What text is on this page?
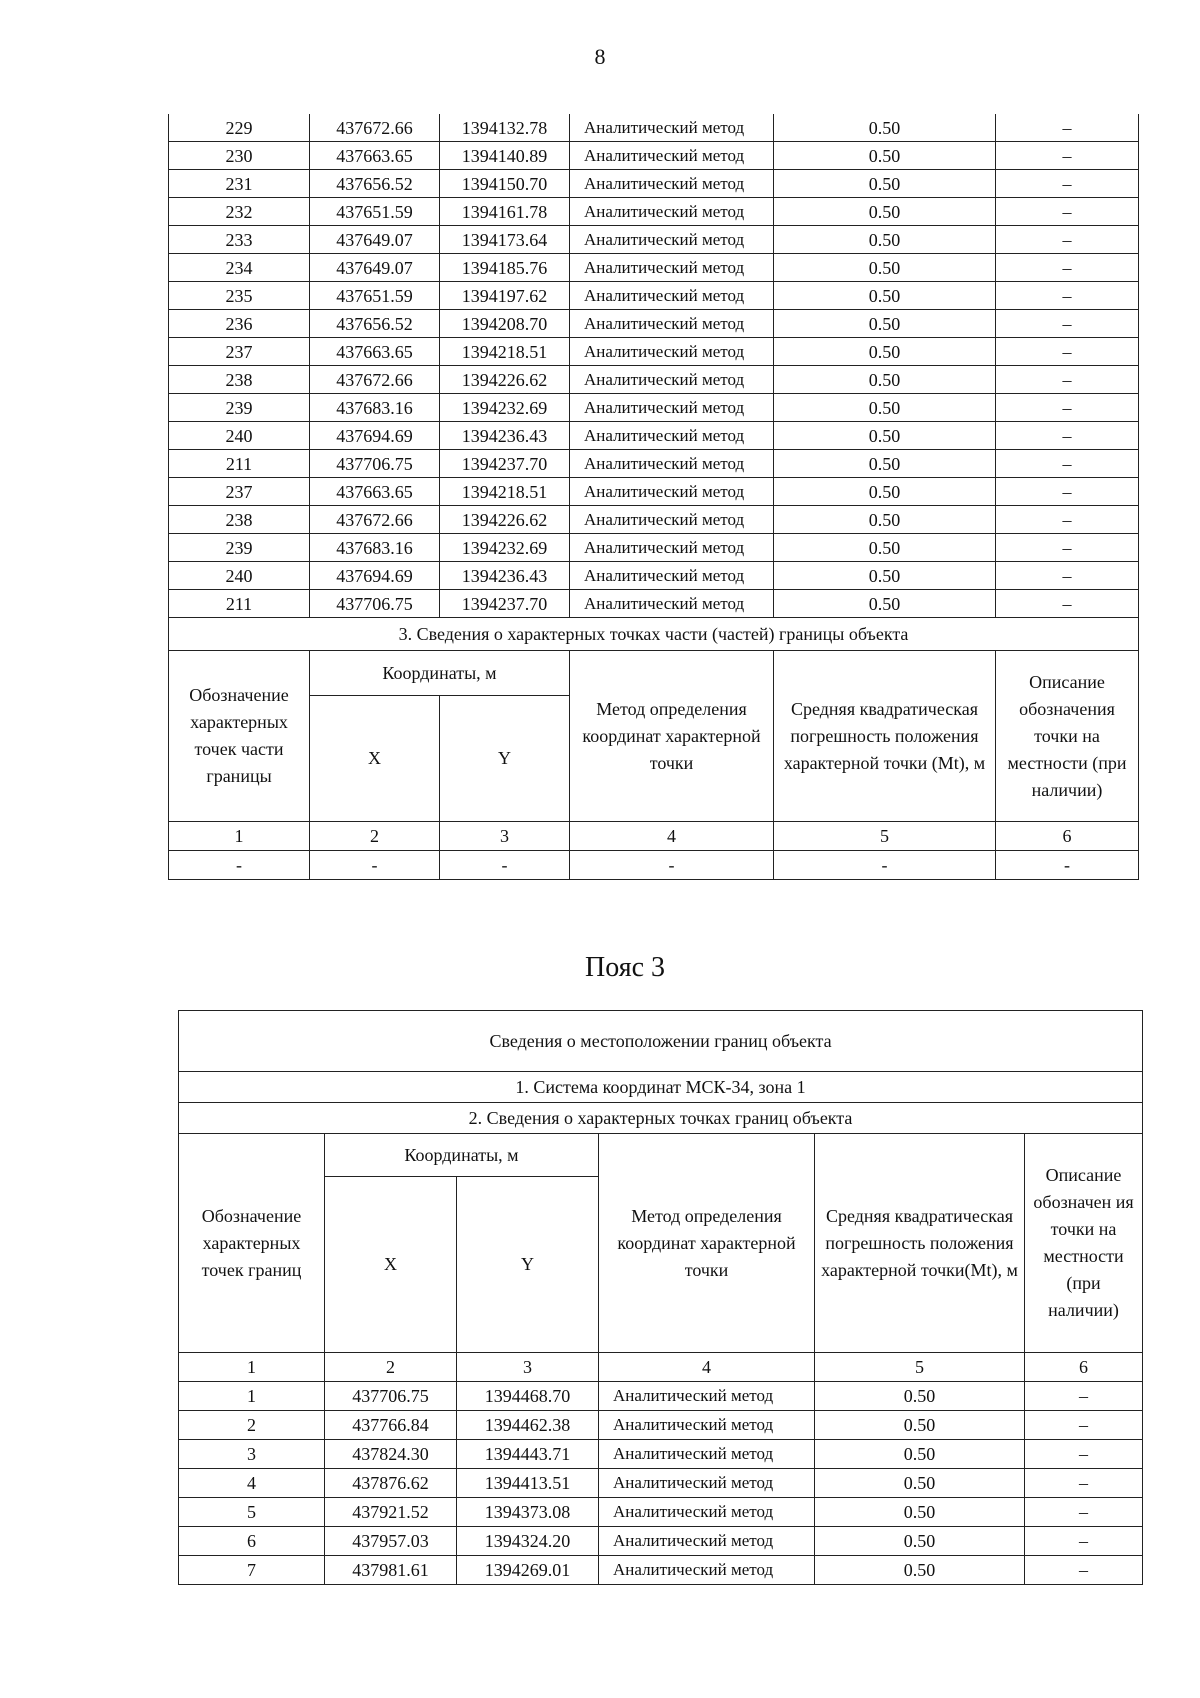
8
229	437672.66	1394132.78	Аналитический метод	0.50	–
230	437663.65	1394140.89	Аналитический метод	0.50	–
231	437656.52	1394150.70	Аналитический метод	0.50	–
232	437651.59	1394161.78	Аналитический метод	0.50	–
233	437649.07	1394173.64	Аналитический метод	0.50	–
234	437649.07	1394185.76	Аналитический метод	0.50	–
235	437651.59	1394197.62	Аналитический метод	0.50	–
236	437656.52	1394208.70	Аналитический метод	0.50	–
237	437663.65	1394218.51	Аналитический метод	0.50	–
238	437672.66	1394226.62	Аналитический метод	0.50	–
239	437683.16	1394232.69	Аналитический метод	0.50	–
240	437694.69	1394236.43	Аналитический метод	0.50	–
211	437706.75	1394237.70	Аналитический метод	0.50	–
237	437663.65	1394218.51	Аналитический метод	0.50	–
238	437672.66	1394226.62	Аналитический метод	0.50	–
239	437683.16	1394232.69	Аналитический метод	0.50	–
240	437694.69	1394236.43	Аналитический метод	0.50	–
211	437706.75	1394237.70	Аналитический метод	0.50	–
3. Сведения о характерных точках части (частей) границы объекта					
Обозначение характерных точек части границы	Координаты, м		Метод определения координат характерной точки	Средняя квадратическая погрешность положения характерной точки (Mt), м	Описание обозначения точки на местности (при наличии)
	X	Y			
1	2	3	4	5	6
-	-	-	-	-	-
Пояс 3
Сведения о местоположении границ объекта					
1. Система координат МСК-34, зона 1					
2. Сведения о характерных точках границ объекта					
Обозначение характерных точек границ	Координаты, м		Метод определения координат характерной точки	Средняя квадратическая погрешность положения характерной точки(Mt), м	Описание обозначен ия точки на местности (при наличии)
	X	Y			
1	2	3	4	5	6
1	437706.75	1394468.70	Аналитический метод	0.50	–
2	437766.84	1394462.38	Аналитический метод	0.50	–
3	437824.30	1394443.71	Аналитический метод	0.50	–
4	437876.62	1394413.51	Аналитический метод	0.50	–
5	437921.52	1394373.08	Аналитический метод	0.50	–
6	437957.03	1394324.20	Аналитический метод	0.50	–
7	437981.61	1394269.01	Аналитический метод	0.50	–
